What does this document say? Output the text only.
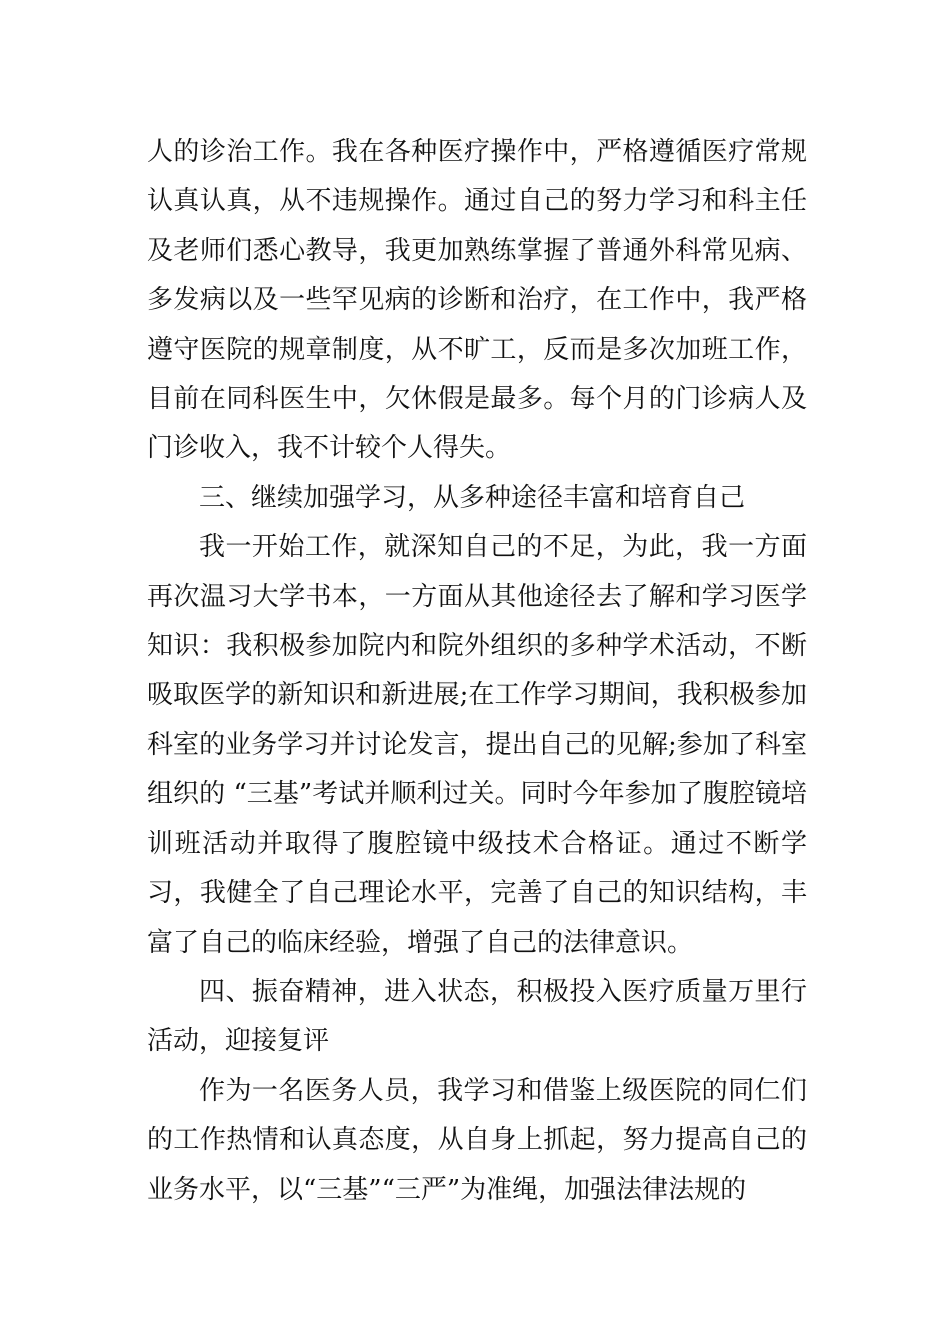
人的诊治工作。我在各种医疗操作中，严格遵循医疗常规认真认真，从不违规操作。通过自己的努力学习和科主任及老师们悉心教导，我更加熟练掌握了普通外科常见病、多发病以及一些罕见病的诊断和治疗，在工作中，我严格遵守医院的规章制度，从不旷工，反而是多次加班工作，目前在同科医生中，欠休假是最多。每个月的门诊病人及门诊收入，我不计较个人得失。

三、继续加强学习，从多种途径丰富和培育自己

我一开始工作，就深知自己的不足，为此，我一方面再次温习大学书本，一方面从其他途径去了解和学习医学知识：我积极参加院内和院外组织的多种学术活动，不断吸取医学的新知识和新进展;在工作学习期间，我积极参加科室的业务学习并讨论发言，提出自己的见解;参加了科室组织的 “三基”考试并顺利过关。同时今年参加了腹腔镜培训班活动并取得了腹腔镜中级技术合格证。通过不断学习，我健全了自己理论水平，完善了自己的知识结构，丰富了自己的临床经验，增强了自己的法律意识。

四、振奋精神，进入状态，积极投入医疗质量万里行活动，迎接复评

作为一名医务人员，我学习和借鉴上级医院的同仁们的工作热情和认真态度，从自身上抓起，努力提高自己的业务水平，以“三基”“三严”为准绳，加强法律法规的
